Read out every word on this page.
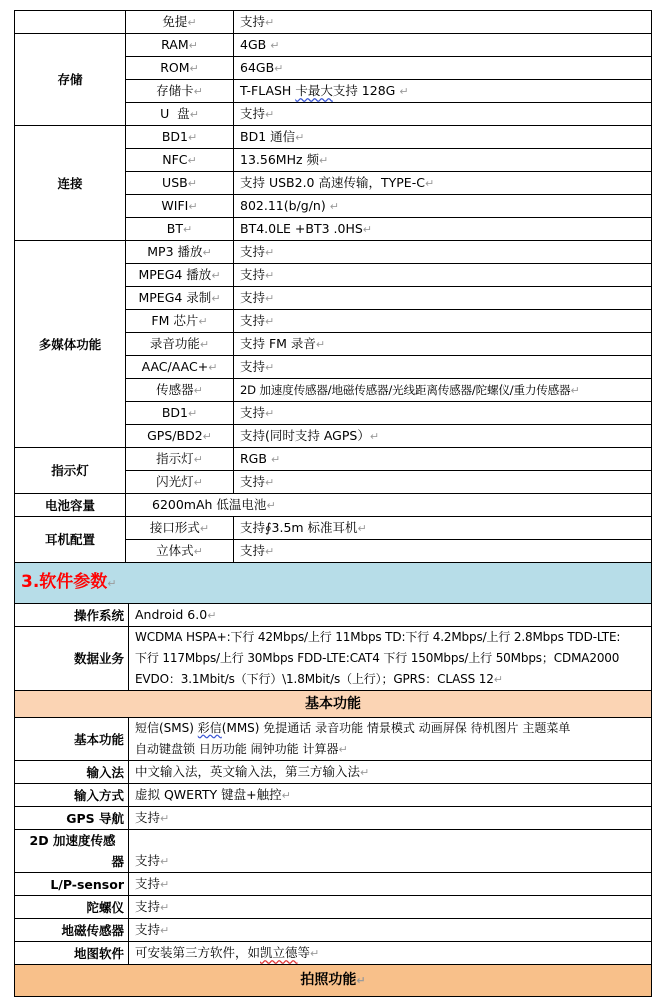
	免提 ↵	支持 ↵
存储	RAM ↵	4GB ↵
	ROM ↵	64GB ↵
	存储卡 ↵	T-FLASH 卡最大支持 128G ↵
	U  盘 ↵	支持 ↵
连接	BD1 ↵	BD1 通信 ↵
	NFC ↵	13.56MHz 频 ↵
	USB ↵	支持 USB2.0 高速传输，TYPE-C ↵
	WIFI ↵	802.11(b/g/n) ↵
	BT ↵	BT4.0LE +BT3 .0HS ↵
多媒体功能	MP3 播放 ↵	支持 ↵
	MPEG4 播放 ↵	支持 ↵
	MPEG4 录制 ↵	支持 ↵
	FM 芯片 ↵	支持 ↵
	录音功能 ↵	支持 FM 录音 ↵
	AAC/AAC+ ↵	支持 ↵
	传感器 ↵	2D 加速度传感器/地磁传感器/光线距离传感器/陀螺仪/重力传感器 ↵
	BD1 ↵	支持 ↵
	GPS/BD2 ↵	支持(同时支持 AGPS） ↵
指示灯	指示灯 ↵	RGB ↵
	闪光灯 ↵	支持 ↵
电池容量	6200mAh 低温电池 ↵
耳机配置	接口形式 ↵	支持∮3.5m 标准耳机 ↵
	立体式 ↵	支持 ↵
3.软件参数 ↵
操作系统	Android 6.0 ↵
数据业务	WCDMA HSPA+:下行 42Mbps/上行 11Mbps TD:下行 4.2Mbps/上行 2.8Mbps TDD-LTE:
下行 117Mbps/上行 30Mbps FDD-LTE:CAT4 下行 150Mbps/上行 50Mbps；CDMA2000
EVDO：3.1Mbit/s（下行）\1.8Mbit/s（上行）；GPRS：CLASS 12 ↵

基本功能	
基本功能	短信(SMS) 彩信(MMS) 免提通话 录音功能 情景模式 动画屏保 待机图片 主题菜单
自动键盘锁 日历功能 闹钟功能 计算器 ↵

输入法	中文输入法，英文输入法，第三方输入法 ↵
输入方式	虚拟 QWERTY 键盘+触控 ↵
GPS 导航	支持 ↵

2D 加速度传感
器	支持 ↵
L/P-sensor	支持 ↵
陀螺仪	支持 ↵
地磁传感器	支持 ↵
地图软件	可安装第三方软件，如凯立德等 ↵
拍照功能 ↵
